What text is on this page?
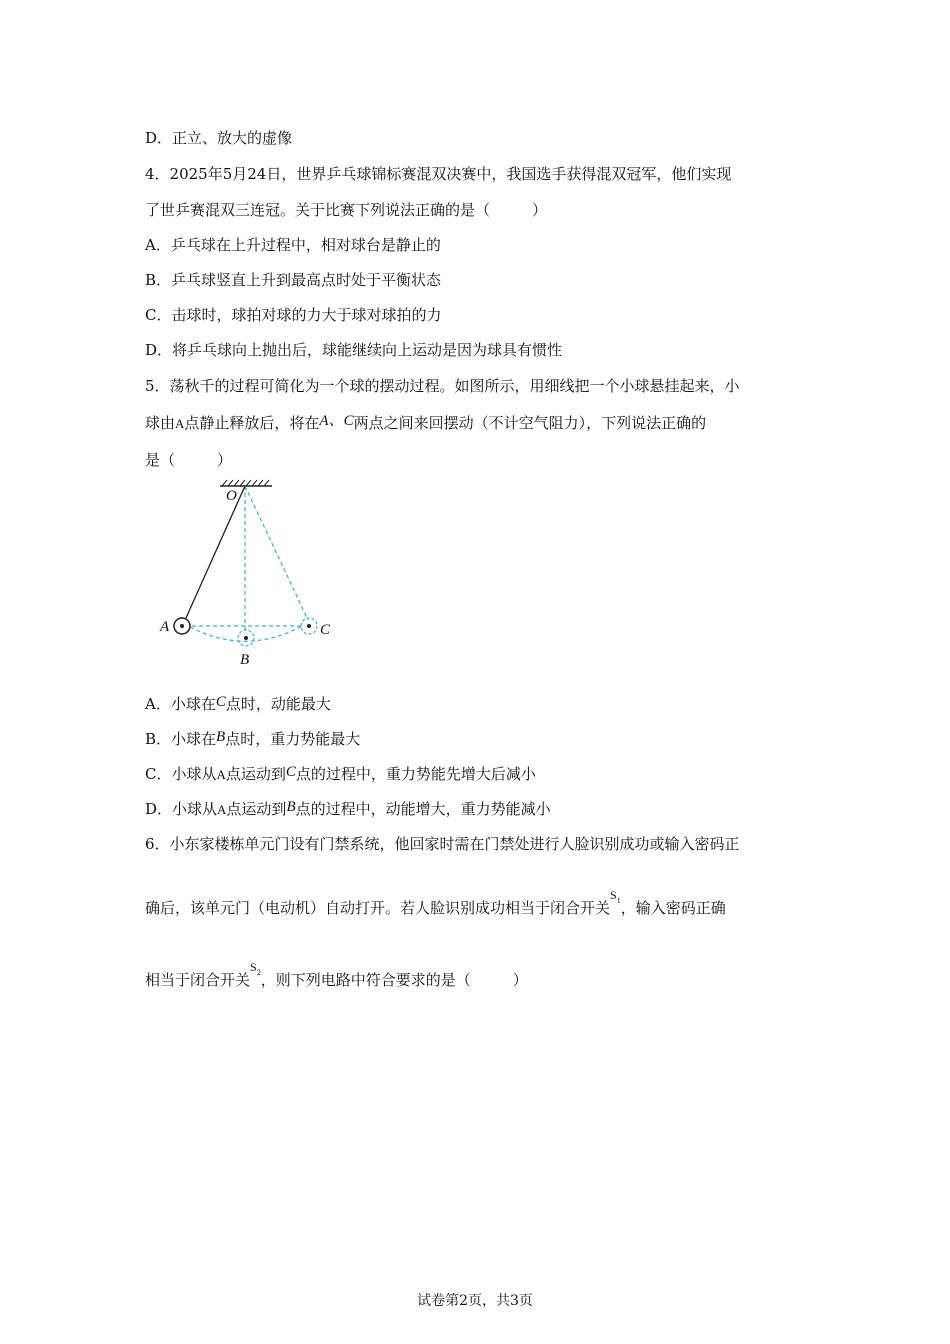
D．正立、放大的虚像
4．2025年5月24日，世界乒乓球锦标赛混双决赛中，我国选手获得混双冠军，他们实现
了世乒赛混双三连冠。关于比赛下列说法正确的是（	）
A．乒乓球在上升过程中，相对球台是静止的
B．乒乓球竖直上升到最高点时处于平衡状态
C．击球时，球拍对球的力大于球对球拍的力
D．将乒乓球向上抛出后，球能继续向上运动是因为球具有惯性
5．荡秋千的过程可简化为一个球的摆动过程。如图所示，用细线把一个小球悬挂起来，小
球由A点静止释放后，将在A、C两点之间来回摆动（不计空气阻力），下列说法正确的
是（	）
O
A
B
C
A．小球在C点时，动能最大
B．小球在B点时，重力势能最大
C．小球从A点运动到C点的过程中，重力势能先增大后减小
D．小球从A点运动到B点的过程中，动能增大，重力势能减小
6．小东家楼栋单元门设有门禁系统，他回家时需在门禁处进行人脸识别成功或输入密码正
确后，该单元门（电动机）自动打开。若人脸识别成功相当于闭合开关$^{S_1}$，输入密码正确
相当于闭合开关$^{S_2}$，则下列电路中符合要求的是（	）
试卷第2页，共3页
